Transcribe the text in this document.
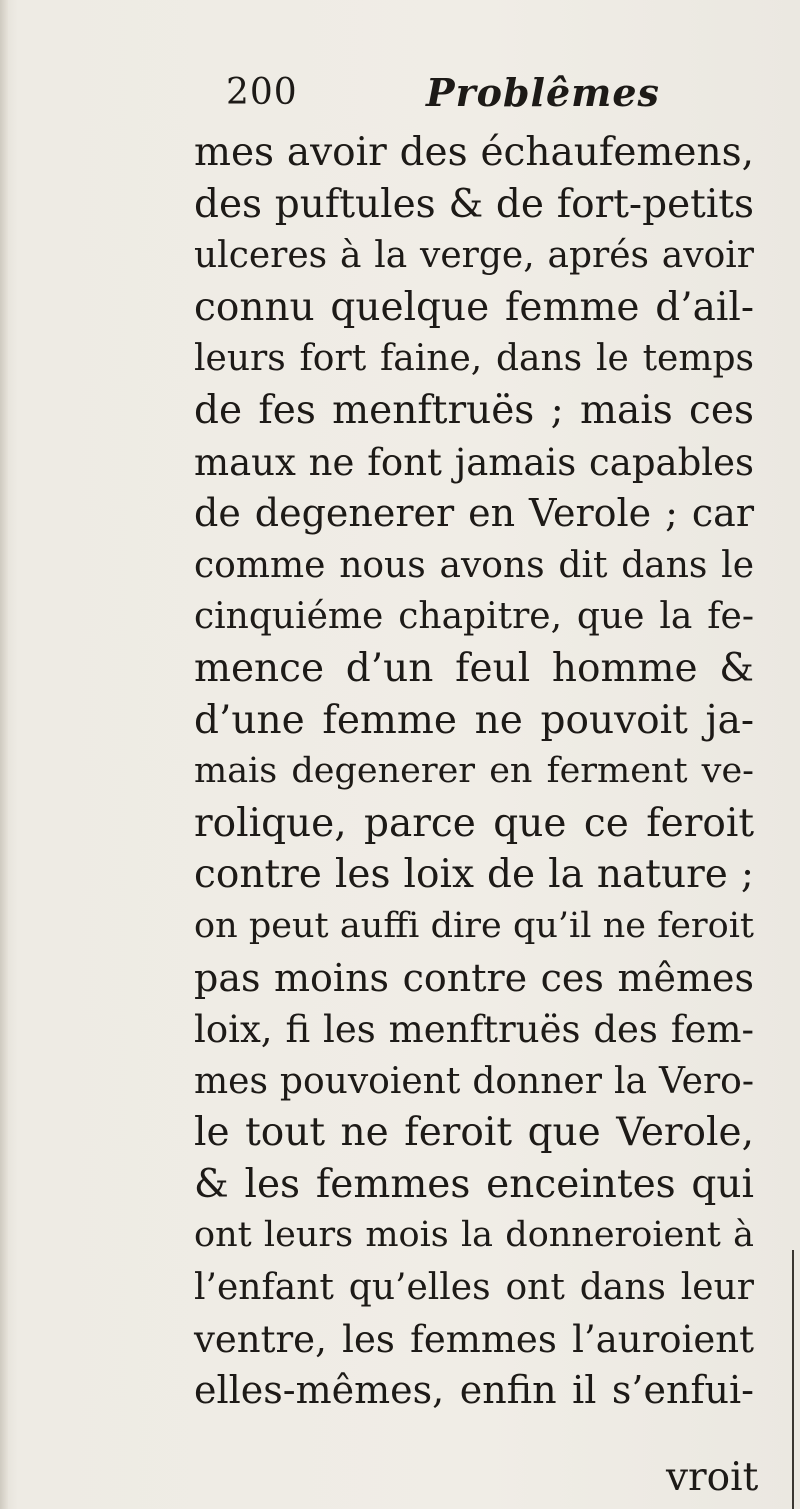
200	Problêmes
mes avoir des échaufemens,
des puftules & de fort-petits
ulceres à la verge, aprés avoir
connu quelque femme d’ail-
leurs fort faine, dans le temps
de fes menftruës ; mais ces
maux ne font jamais capables
de degenerer en Verole ; car
comme nous avons dit dans le
cinquiéme chapitre, que la fe-
mence d’un feul homme &
d’une femme ne pouvoit ja-
mais degenerer en ferment ve-
rolique, parce que ce feroit
contre les loix de la nature ;
on peut auffi dire qu’il ne feroit
pas moins contre ces mêmes
loix, fi les menftruës des fem-
mes pouvoient donner la Vero-
le tout ne feroit que Verole,
& les femmes enceintes qui
ont leurs mois la donneroient à
l’enfant qu’elles ont dans leur
ventre, les femmes l’auroient
elles-mêmes, enfin il s’enfui-
vroit
